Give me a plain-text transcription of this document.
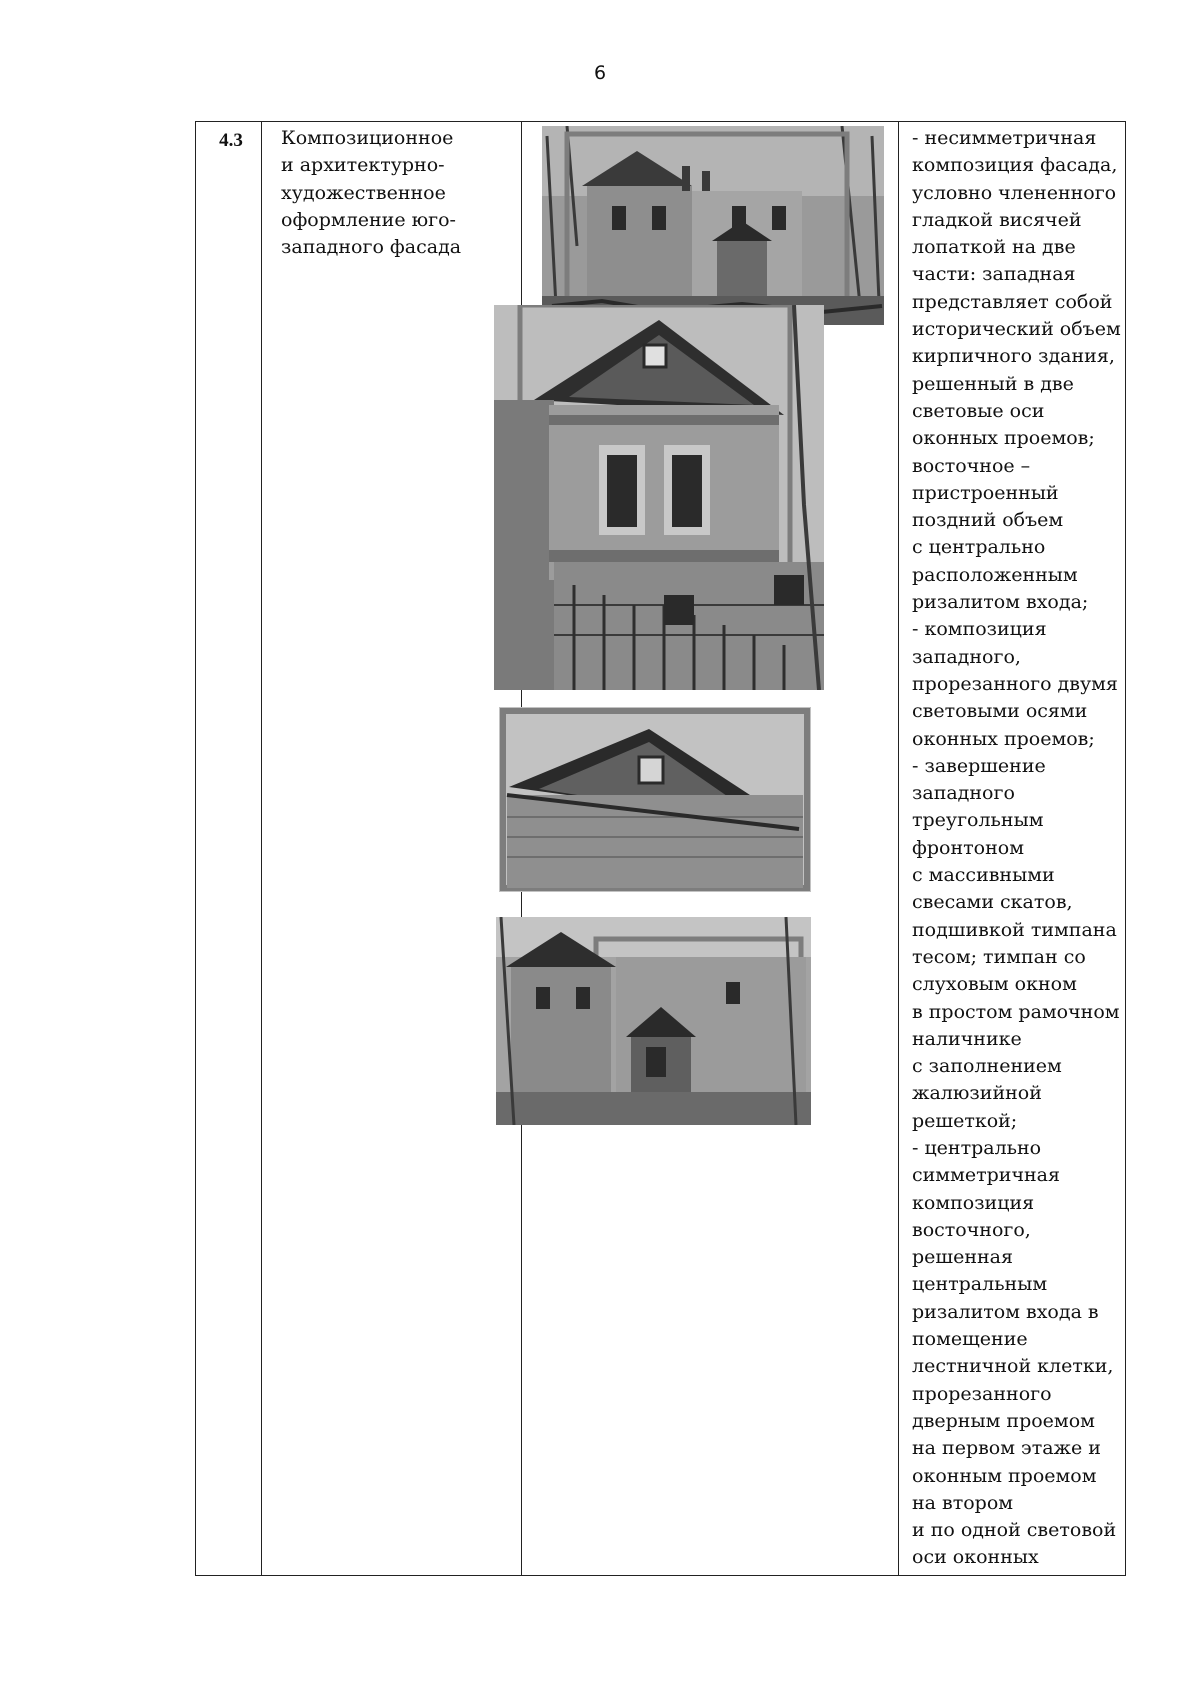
6
4.3	Композиционное
и архитектурно-
художественное
оформление юго-
западного фасада
- несимметричная
композиция фасада,
условно члененного
гладкой висячей
лопаткой на две
части: западная
представляет собой
исторический объем
кирпичного здания,
решенный в две
световые оси
оконных проемов;
восточное –
пристроенный
поздний объем
с центрально
расположенным
ризалитом входа;
- композиция
западного,
прорезанного двумя
световыми осями
оконных проемов;
- завершение
западного
треугольным
фронтоном
с массивными
свесами скатов,
подшивкой тимпана
тесом; тимпан со
слуховым окном
в простом рамочном
наличнике
с заполнением
жалюзийной
решеткой;
- центрально
симметричная
композиция
восточного,
решенная
центральным
ризалитом входа в
помещение
лестничной клетки,
прорезанного
дверным проемом
на первом этаже и
оконным проемом
на втором
и по одной световой
оси оконных
